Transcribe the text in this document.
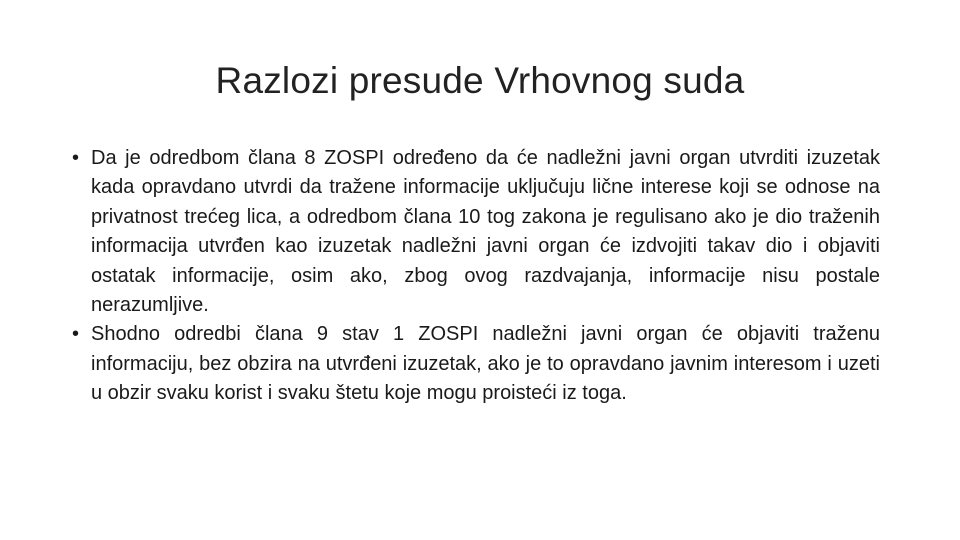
Razlozi presude Vrhovnog suda
• Da je odredbom člana 8 ZOSPI određeno da će nadležni javni organ utvrditi izuzetak kada opravdano utvrdi da tražene informacije uključuju lične interese koji se odnose na privatnost trećeg lica, a odredbom člana 10 tog zakona je regulisano ako je dio traženih informacija utvrđen kao izuzetak nadležni javni organ će izdvojiti takav dio i objaviti ostatak informacije, osim ako, zbog ovog razdvajanja, informacije nisu postale nerazumljive.
• Shodno odredbi člana 9 stav 1 ZOSPI nadležni javni organ će objaviti traženu informaciju, bez obzira na utvrđeni izuzetak, ako je to opravdano javnim interesom i uzeti u obzir svaku korist i svaku štetu koje mogu proisteći iz toga.
